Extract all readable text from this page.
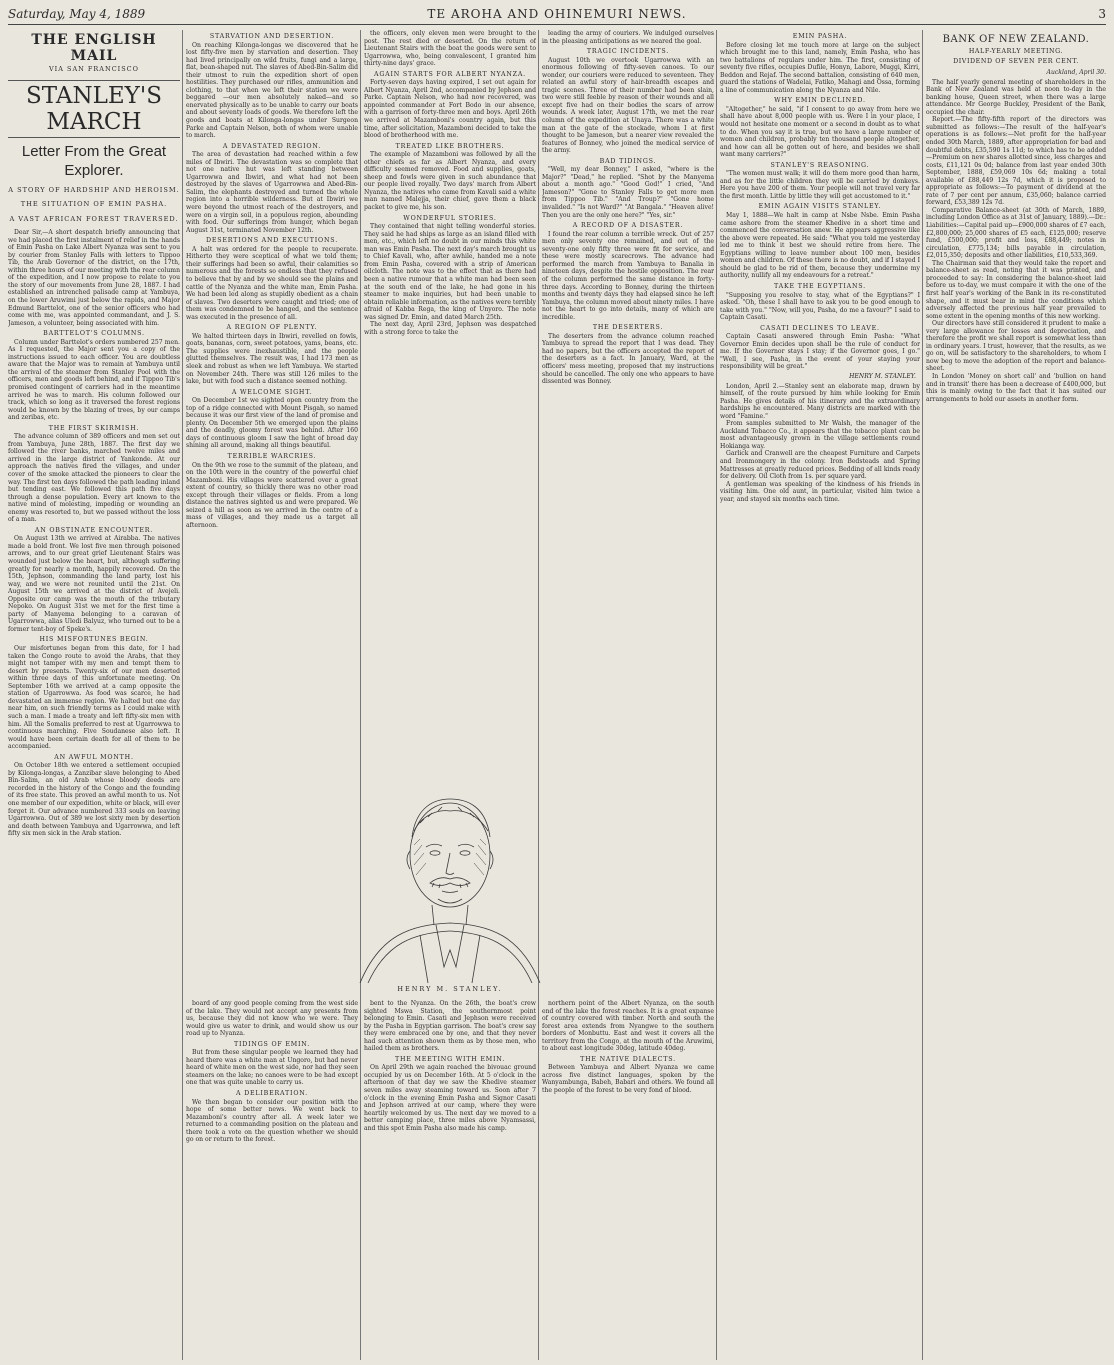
Saturday, May 4, 1889	TE AROHA AND OHINEMURI NEWS.	3
THE ENGLISH MAIL
VIA SAN FRANCISCO
STANLEY'S MARCH
Letter From the Great Explorer.
A STORY OF HARDSHIP AND HEROISM.
THE SITUATION OF EMIN PASHA.
A VAST AFRICAN FOREST TRAVERSED.

Dear Sir,—A short despatch briefly announcing that we had placed the first instalment of relief in the hands of Emin Pasha on Lake Albert Nyanza was sent to you by courier from Stanley Falls with letters to Tippoo Tib, the Arab Governor of the district, on the 17th, within three hours of our meeting with the rear column of the expedition, and I now propose to relate to you the story of our movements from June 28, 1887. I had established an intrenched palisade camp at Yambuya, on the lower Aruwimi just below the rapids, and Major Edmund Barttelot, one of the senior officers who had come with me, was appointed commandant, and J. S. Jameson, a volunteer, being associated with him.

BARTTELOT'S COLUMNS.

Column under Barttelot's orders numbered 257 men. As I requested, the Major sent you a copy of the instructions issued to each officer. You are doubtless aware that the Major was to remain at Yambuya until the arrival of the steamer from Stanley Pool with the officers, men and goods left behind, and if Tippoo Tib's promised contingent of carriers had in the meantime arrived he was to march. His column followed our track, which so long as it traversed the forest regions would be known by the blazing of trees, by our camps and zeribas, etc.

THE FIRST SKIRMISH.

The advance column of 389 officers and men set out from Yambuya, June 28th, 1887. The first day we followed the river banks, marched twelve miles and arrived in the large district of Yankonde. At our approach the natives fired the villages, and under cover of the smoke attacked the pioneers to clear the way. The first ten days followed the path leading inland but tending east. We followed this path five days through a dense population. Every art known to the native mind of molesting, impeding or wounding an enemy was resorted to, but we passed without the loss of a man.

AN OBSTINATE ENCOUNTER.

On August 13th we arrived at Airabba. The natives made a bold front. We lost five men through poisoned arrows, and to our great grief Lieutenant Stairs was wounded just below the heart, but, although suffering greatly for nearly a month, happily recovered. On the 15th, Jephson, commanding the land party, lost his way, and we were not reunited until the 21st. On August 15th we arrived at the district of Avejeli. Opposite our camp was the mouth of the tributary Nepoko. On August 31st we met for the first time a party of Manyema belonging to a caravan of Ugarrowwa, alias Uledi Balyuz, who turned out to be a former tent-boy of Speke's.

HIS MISFORTUNES BEGIN.

Our misfortunes began from this date, for I had taken the Congo route to avoid the Arabs, that they might not tamper with my men and tempt them to desert by presents. Twenty-six of our men deserted within three days of this unfortunate meeting. On September 16th we arrived at a camp opposite the station of Ugarrowwa. As food was scarce, he had devastated an immense region. We halted but one day near him, on such friendly terms as I could make with such a man. I made a treaty and left fifty-six men with him. All the Somalis preferred to rest at Ugarrowwa to continuous marching. Five Soudanese also left. It would have been certain death for all of them to be accompanied.

AN AWFUL MONTH.

On October 18th we entered a settlement occupied by Kilonga-longas, a Zanzibar slave belonging to Abed Bin-Salim, an old Arab whose bloody deeds are recorded in the history of the Congo and the founding of its free state. This proved an awful month to us. Not one member of our expedition, white or black, will ever forget it. Our advance numbered 333 souls on leaving Ugarrowwa. Out of 389 we lost sixty men by desertion and death between Yambuya and Ugarrowwa, and left fifty six men sick in the Arab station.

STARVATION AND DESERTION.

On reaching Kilonga-longas we discovered that he lost fifty-five men by starvation and desertion. They had lived principally on wild fruits, fungi and a large, flat, bean-shaped nut. The slaves of Abed-Bin-Salim did their utmost to ruin the expedition short of open hostilities. They purchased our rifles, ammunition and clothing, to that when we left their station we were beggared —our men absolutely naked—and so enervated physically as to be unable to carry our boats and about seventy loads of goods. We therefore left the goods and boats at Kilonga-longas under Surgeon Parke and Captain Nelson, both of whom were unable to march.

A DEVASTATED REGION.

The area of devastation had reached within a few miles of Ibwiri. The devastation was so complete that not one native hut was left standing between Ugarrowwa and Ibwiri, and what had not been destroyed by the slaves of Ugarrowwa and Abed-Bin-Salim, the elephants destroyed and turned the whole region into a horrible wilderness. But at Ibwiri we were beyond the utmost reach of the destroyers, and were on a virgin soil, in a populous region, abounding with food. Our sufferings from hunger, which began August 31st, terminated November 12th.

DESERTIONS AND EXECUTIONS.

A halt was ordered for the people to recuperate. Hitherto they were sceptical of what we told them; their sufferings had been so awful, their calamities so numerous and the forests so endless that they refused to believe that by and by we should see the plains and cattle of the Nyanza and the white man, Emin Pasha. We had been led along as stupidly obedient as a chain of slaves. Two deserters were caught and tried; one of them was condemned to be hanged, and the sentence was executed in the presence of all.

A REGION OF PLENTY.

We halted thirteen days in Ibwiri, revelled on fowls, goats, bananas, corn, sweet potatoes, yams, beans, etc. The supplies were inexhaustible, and the people glutted themselves. The result was, I had 173 men as sleek and robust as when we left Yambuya. We started on November 24th. There was still 126 miles to the lake, but with food such a distance seemed nothing.

A WELCOME SIGHT.

On December 1st we sighted open country from the top of a ridge connected with Mount Pisgah, so named because it was our first view of the land of promise and plenty. On December 5th we emerged upon the plains and the deadly, gloomy forest was behind. After 160 days of continuous gloom I saw the light of broad day shining all around, making all things beautiful.

TERRIBLE WARCRIES.

On the 9th we rose to the summit of the plateau, and on the 10th were in the country of the powerful chief Mazamboni. His villages were scattered over a great extent of country, so thickly there was no other road except through their villages or fields. From a long distance the natives sighted us and were prepared. We seized a hill as soon as we arrived in the centre of a mass of villages, and they made us a target all afternoon.

the officers, only eleven men were brought to the post. The rest died or deserted. On the return of Lieutenant Stairs with the boat the goods were sent to Ugarrowwa, who, being convalescent, I granted him thirty-nine days' grace.

AGAIN STARTS FOR ALBERT NYANZA.

Forty-seven days having expired, I set out again for Albert Nyanza, April 2nd, accompanied by Jephson and Parke. Captain Nelson, who had now recovered, was appointed commander at Fort Bodo in our absence, with a garrison of forty-three men and boys. April 26th we arrived at Mazamboni's country again, but this time, after solicitation, Mazamboni decided to take the blood of brotherhood with me.

TREATED LIKE BROTHERS.

The example of Mazamboni was followed by all the other chiefs as far as Albert Nyanza, and every difficulty seemed removed. Food and supplies, goats, sheep and fowls were given in such abundance that our people lived royally. Two days' march from Albert Nyanza, the natives who came from Kavali said a white man named Malejja, their chief, gave them a black packet to give me, his son.

WONDERFUL STORIES.

They contained that night telling wonderful stories. They said he had ships as large as an island filled with men, etc., which left no doubt in our minds this white man was Emin Pasha. The next day's march brought us to Chief Kavali, who, after awhile, handed me a note from Emin Pasha, covered with a strip of American oilcloth. The note was to the effect that as there had been a native rumour that a white man had been seen at the south end of the lake, he had gone in his steamer to make inquiries, but had been unable to obtain reliable information, as the natives were terribly afraid of Kabba Rega, the king of Unyoro. The note was signed Dr. Emin, and dated March 25th.

The next day, April 23rd, Jephson was despatched with a strong force to take the

leading the army of couriers. We indulged ourselves in the pleasing anticipations as we neared the goal.

TRAGIC INCIDENTS.

August 10th we overtook Ugarrowwa with an enormous following of fifty-seven canoes. To our wonder, our couriers were reduced to seventeen. They related an awful story of hair-breadth escapes and tragic scenes. Three of their number had been slain, two were still feeble by reason of their wounds and all except five had on their bodies the scars of arrow wounds. A week later, August 17th, we met the rear column of the expedition at Unaya. There was a white man at the gate of the stockade, whom I at first thought to be Jameson, but a nearer view revealed the features of Bonney, who joined the medical service of the army.

BAD TIDINGS.

"Well, my dear Bonney," I asked, "where is the Major?" "Dead," he replied. "Shot by the Manyema about a month ago." "Good God!" I cried, "And Jameson?" "Gone to Stanley Falls to get more men from Tippoo Tib." "And Troup?" "Gone home invalided." "Is not Ward?" "At Bangala." "Heaven alive! Then you are the only one here?" "Yes, sir."

A RECORD OF A DISASTER.

I found the rear column a terrible wreck. Out of 257 men only seventy one remained, and out of the seventy-one only fifty three were fit for service, and these were mostly scarecrows. The advance had performed the march from Yambuya to Banalia in nineteen days, despite the hostile opposition. The rear of the column performed the same distance in forty-three days. According to Bonney, during the thirteen months and twenty days they had elapsed since he left Yambuya, the column moved about ninety miles. I have not the heart to go into details, many of which are incredible.

THE DESERTERS.

The deserters from the advance column reached Yambuya to spread the report that I was dead. They had no papers, but the officers accepted the report of the deserters as a fact. In January, Ward, at the officers' mess meeting, proposed that my instructions should be cancelled. The only one who appears to have dissented was Bonney.

HENRY M. STANLEY.

board of any good people coming from the west side of the lake. They would not accept any presents from us, because they did not know who we were. They would give us water to drink, and would show us our road up to Nyanza.

TIDINGS OF EMIN.

But from these singular people we learned they had heard there was a white man at Ungoro, but had never heard of white men on the west side, nor had they seen steamers on the lake; no canoes were to be had except one that was quite unable to carry us.

A DELIBERATION.

We then began to consider our position with the hope of some better news. We went back to Mazamboni's country after all. A week later we returned to a commanding position on the plateau and there took a vote on the question whether we should go on or return to the forest.

bent to the Nyanza. On the 26th, the boat's crew sighted Mswa Station, the southernmost point belonging to Emin. Casati and Jephson were received by the Pasha in Egyptian garrison. The boat's crew say they were embraced one by one, and that they never had such attention shown them as by those men, who hailed them as brothers.

THE MEETING WITH EMIN.

On April 29th we again reached the bivouac ground occupied by us on December 16th. At 5 o'clock in the afternoon of that day we saw the Khedive steamer seven miles away steaming toward us. Soon after 7 o'clock in the evening Emin Pasha and Signor Casati and Jephson arrived at our camp, where they were heartily welcomed by us. The next day we moved to a better camping place, three miles above Nyamsassi, and this spot Emin Pasha also made his camp.

northern point of the Albert Nyanza, on the south end of the lake the forest reaches. It is a great expanse of country covered with timber. North and south the forest area extends from Nyangwe to the southern borders of Monbuttu. East and west it covers all the territory from the Congo, at the mouth of the Aruwimi, to about east longitude 30deg, latitude 40deg.

THE NATIVE DIALECTS.

Between Yambuya and Albert Nyanza we came across five distinct languages, spoken by the Wanyambunga, Babeh, Babari and others. We found all the people of the forest to be very fond of blood.

EMIN PASHA.

Before closing let me touch more at large on the subject which brought me to this land, namely, Emin Pasha, who has two battalions of regulars under him. The first, consisting of seventy five rifles, occupies Dufile, Honyn, Labore, Muggi, Kirri, Beddon and Rejaf. The second battalion, consisting of 640 men, guard the stations of Wadelai, Fatiko, Mahagi and Ossa, forming a line of communication along the Nyanza and Nile.

WHY EMIN DECLINED.

"Altogether," he said, "if I consent to go away from here we shall have about 8,000 people with us. Were I in your place, I would not hesitate one moment or a second in doubt as to what to do. When you say it is true, but we have a large number of women and children, probably ten thousand people altogether, and how can all be gotten out of here, and besides we shall want many carriers?"

STANLEY'S REASONING.

"The women must walk; it will do them more good than harm, and as for the little children they will be carried by donkeys. Here you have 200 of them. Your people will not travel very far the first month. Little by little they will get accustomed to it."

EMIN AGAIN VISITS STANLEY.

May 1, 1888—We halt in camp at Nsbe Nsbe. Emin Pasha came ashore from the steamer Khedive in a short time and commenced the conversation anew. He appears aggressive like the above were repeated. He said: "What you told me yesterday led me to think it best we should retire from here. The Egyptians willing to leave number about 100 men, besides women and children. Of these there is no doubt, and if I stayed I should be glad to be rid of them, because they undermine my authority, nullify all my endeavours for a retreat."

TAKE THE EGYPTIANS.

"Supposing you resolve to stay, what of the Egyptians?" I asked. "Oh, these I shall have to ask you to be good enough to take with you." "Now, will you, Pasha, do me a favour?" I said to Captain Casati.

CASATI DECLINES TO LEAVE.

Captain Casati answered through Emin Pasha: "What Governor Emin decides upon shall be the rule of conduct for me. If the Governor stays I stay; if the Governor goes, I go." "Well, I see, Pasha, in the event of your staying your responsibility will be great."

HENRY M. STANLEY.

London, April 2.—Stanley sent an elaborate map, drawn by himself, of the route pursued by him while looking for Emin Pasha. He gives details of his itinerary and the extraordinary hardships he encountered. Many districts are marked with the word "Famine."

From samples submitted to Mr Walsh, the manager of the Auckland Tobacco Co., it appears that the tobacco plant can be most advantageously grown in the village settlements round Hokianga way.

Garlick and Cranwell are the cheapest Furniture and Carpets and Ironmongery in the colony. Iron Bedsteads and Spring Mattresses at greatly reduced prices. Bedding of all kinds ready for delivery. Oil Cloth from 1s. per square yard.

A gentleman was speaking of the kindness of his friends in visiting him. One old aunt, in particular, visited him twice a year, and stayed six months each time.

BANK OF NEW ZEALAND.
HALF-YEARLY MEETING.
DIVIDEND OF SEVEN PER CENT.
Auckland, April 30.

The half yearly general meeting of shareholders in the Bank of New Zealand was held at noon to-day in the banking house, Queen street, when there was a large attendance. Mr George Buckley, President of the Bank, occupied the chair.

Report.—The fifty-fifth report of the directors was submitted as follows:—The result of the half-year's operations is as follows:—Net profit for the half-year ended 30th March, 1889, after appropriation for bad and doubtful debts, £35,590 1s 11d; to which has to be added—Premium on new shares allotted since, less charges and costs, £11,121 0s 0d; balance from last year ended 30th September, 1888, £59,069 10s 6d; making a total available of £88,449 12s 7d, which it is proposed to appropriate as follows:—To payment of dividend at the rate of 7 per cent per annum, £35,060; balance carried forward, £53,389 12s 7d.

Comparative Balance-sheet (at 30th of March, 1889, including London Office as at 31st of January, 1889).—Dr.: Liabilities:—Capital paid up—£900,000 shares of £7 each, £2,800,000; 25,000 shares of £5 each, £125,000; reserve fund, £500,000; profit and loss, £88,449; notes in circulation, £775,134; bills payable in circulation, £2,015,350; deposits and other liabilities, £10,533,369.

The Chairman said that they would take the report and balance-sheet as read, noting that it was printed, and proceeded to say: In considering the balance-sheet laid before us to-day, we must compare it with the one of the first half year's working of the Bank in its re-constituted shape, and it must bear in mind the conditions which adversely affected the previous half year prevailed to some extent in the opening months of this new working.

Our directors have still considered it prudent to make a very large allowance for losses and depreciation, and therefore the profit we shall report is somewhat less than in ordinary years. I trust, however, that the results, as we go on, will be satisfactory to the shareholders, to whom I now beg to move the adoption of the report and balance-sheet.

In London 'Money on short call' and 'bullion on hand and in transit' there has been a decrease of £400,000, but this is mainly owing to the fact that it has suited our arrangements to hold our assets in another form.
